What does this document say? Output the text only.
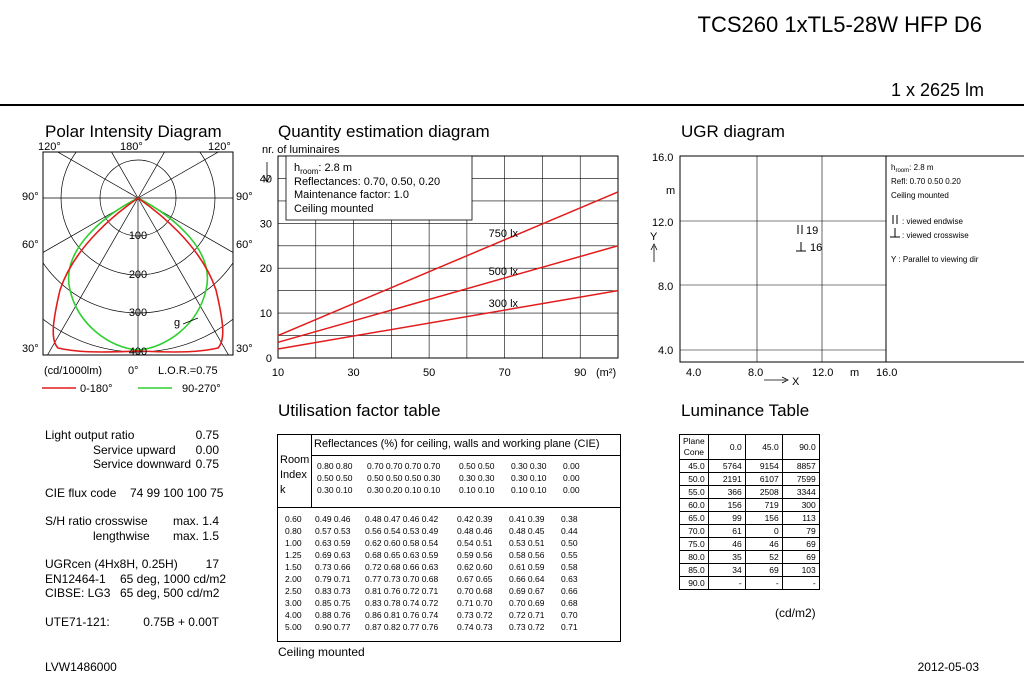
TCS260 1xTL5-28W HFP D6
1 x 2625 lm
Polar Intensity Diagram
100
200
300
400
g
120°	180°	120°
90°	90°
60°	60°
30°	30°
(cd/1000lm) 0° L.O.R.=0.75
0-180°	90-270°
Quantity estimation diagram
$h_{room}$: 2.8 m
Reflectances: 0.70, 0.50, 0.20
Maintenance factor: 1.0
Ceiling mounted
750 lx
500 lx
300 lx
nr. of luminaires
10	30	50	70	90
0
10
20
30
40
(m²)
UGR diagram
16.0
m
12.0
Y
8.0
4.0
4.0	8.0
X
12.0 m 16.0
19
16
$h_{room}$: 2.8 m
Refl: 0.70 0.50 0.20
Ceiling mounted
: viewed endwise
: viewed crosswise
Y : Parallel to viewing dir
Light output ratio	0.75
Service upward 0.00
Service downward 0.75
CIE flux code 74 99 100 100 75
S/H ratio crosswise max. 1.4
lengthwise max. 1.5
UGRcen (4Hx8H, 0.25H) 17
EN12464-1 65 deg, 1000 cd/m2
CIBSE: LG3 65 deg, 500 cd/m2
UTE71-121:	0.75B + 0.00T
Utilisation factor table
Reflectances (%) for ceiling, walls and working plane (CIE)
Room
Index
k
0.80 0.80	0.70 0.70 0.70 0.70	0.50 0.50	0.30 0.30	0.00
0.50 0.50	0.50 0.50 0.50 0.30	0.30 0.30	0.30 0.10	0.00
0.30 0.10	0.30 0.20 0.10 0.10	0.10 0.10	0.10 0.10	0.00
0.60	0.49 0.46	0.48 0.47 0.46 0.42	0.42 0.39	0.41 0.39	0.38
0.80	0.57 0.53	0.56 0.54 0.53 0.49	0.48 0.46	0.48 0.45	0.44
1.00	0.63 0.59	0.62 0.60 0.58 0.54	0.54 0.51	0.53 0.51	0.50
1.25	0.69 0.63	0.68 0.65 0.63 0.59	0.59 0.56	0.58 0.56	0.55
1.50	0.73 0.66	0.72 0.68 0.66 0.63	0.62 0.60	0.61 0.59	0.58
2.00	0.79 0.71	0.77 0.73 0.70 0.68	0.67 0.65	0.66 0.64	0.63
2.50	0.83 0.73	0.81 0.76 0.72 0.71	0.70 0.68	0.69 0.67	0.66
3.00	0.85 0.75	0.83 0.78 0.74 0.72	0.71 0.70	0.70 0.69	0.68
4.00	0.88 0.76	0.86 0.81 0.76 0.74	0.73 0.72	0.72 0.71	0.70
5.00	0.90 0.77	0.87 0.82 0.77 0.76	0.74 0.73	0.73 0.72	0.71
Ceiling mounted
Luminance Table
Plane
Cone	0.0	45.0	90.0
45.0	5764	9154	8857
50.0	2191	6107	7599
55.0	366	2508	3344
60.0	156	719	300
65.0	99	156	113
70.0	61	0	79
75.0	46	46	69
80.0	35	52	69
85.0	34	69	103
90.0	-	-	-
(cd/m2)
LVW1486000	2012-05-03
